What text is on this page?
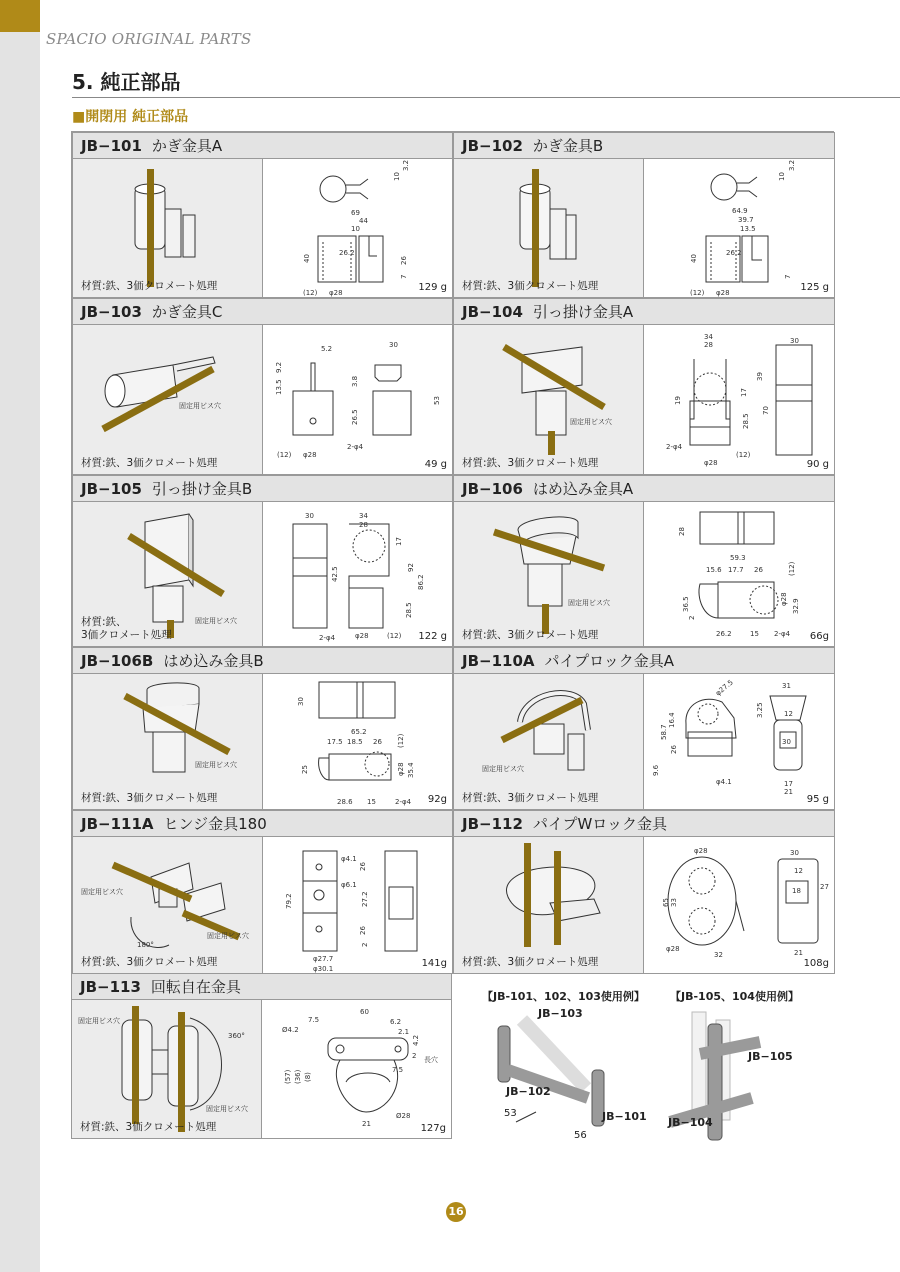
SPACIO ORIGINAL PARTS
5. 純正部品
■開閉用 純正部品
JB−101 かぎ金具A
材質:鉄、3価クロメート処理
3.2
10
69
44
10
26.2
40	26
7
(12) φ28	129 g
JB−102 かぎ金具B
材質:鉄、3価クロメート処理
3.2
10
64.9
39.7
13.5
26.2
40
7
(12) φ28	125 g
JB−103 かぎ金具C
固定用ビス穴
材質:鉄、3価クロメート処理
5.2	30
13.5
9.2
3.8
26.5
53
(12) φ28
2-φ4
49 g
JB−104 引っ掛け金具A
固定用ビス穴
材質:鉄、3価クロメート処理
34
28	30
19
39
17
70
28.5
2-φ4
φ28
(12)
90 g
JB−105 引っ掛け金具B
固定用ビス穴
材質:鉄、
3価クロメート処理
30	34
28
17
42.5	92
86.2
28.5
2-φ4	φ28	(12) 122 g
JB−106 はめ込み金具A
固定用ビス穴
材質:鉄、3価クロメート処理
28
59.3
15.6 17.7 26	(12)
36.5
2
φ28 32.9
26.2	15 2-φ4 66g
JB−106B はめ込み金具B
固定用ビス穴
材質:鉄、3価クロメート処理
30
65.2
17.5 18.5 26 (12)
25	φ28 35.4
28.6 15	2-φ4 92g
JB−110A パイプロック金具A
固定用ビス穴
材質:鉄、3価クロメート処理
φ27.5	31
58.7
16.4
26
3.25	12
30
9.6
φ4.1	17
21
95 g
JB−111A ヒンジ金具180
固定用ビス穴
固定用ビス穴
180°
材質:鉄、3価クロメート処理
φ4.1
26
φ6.1
79.2	27.2
26
2
φ27.7
φ30.1	141g
JB−112 パイプWロック金具
材質:鉄、3価クロメート処理
φ28	30
65 33
12
18	27
φ28
32	21
108g
JB−113 回転自在金具
固定用ビス穴
固定用ビス穴
360°
材質:鉄、3価クロメート処理
60
7.5	6.2
Ø4.2	2.1
4.2
2 長穴
(57) (36) (8)
7.5
21
Ø28
127g
【JB-101、102、103使用例】 【JB-105、104使用例】
JB−103
JB−102
JB−101
JB−105
JB−104
53
56
16
